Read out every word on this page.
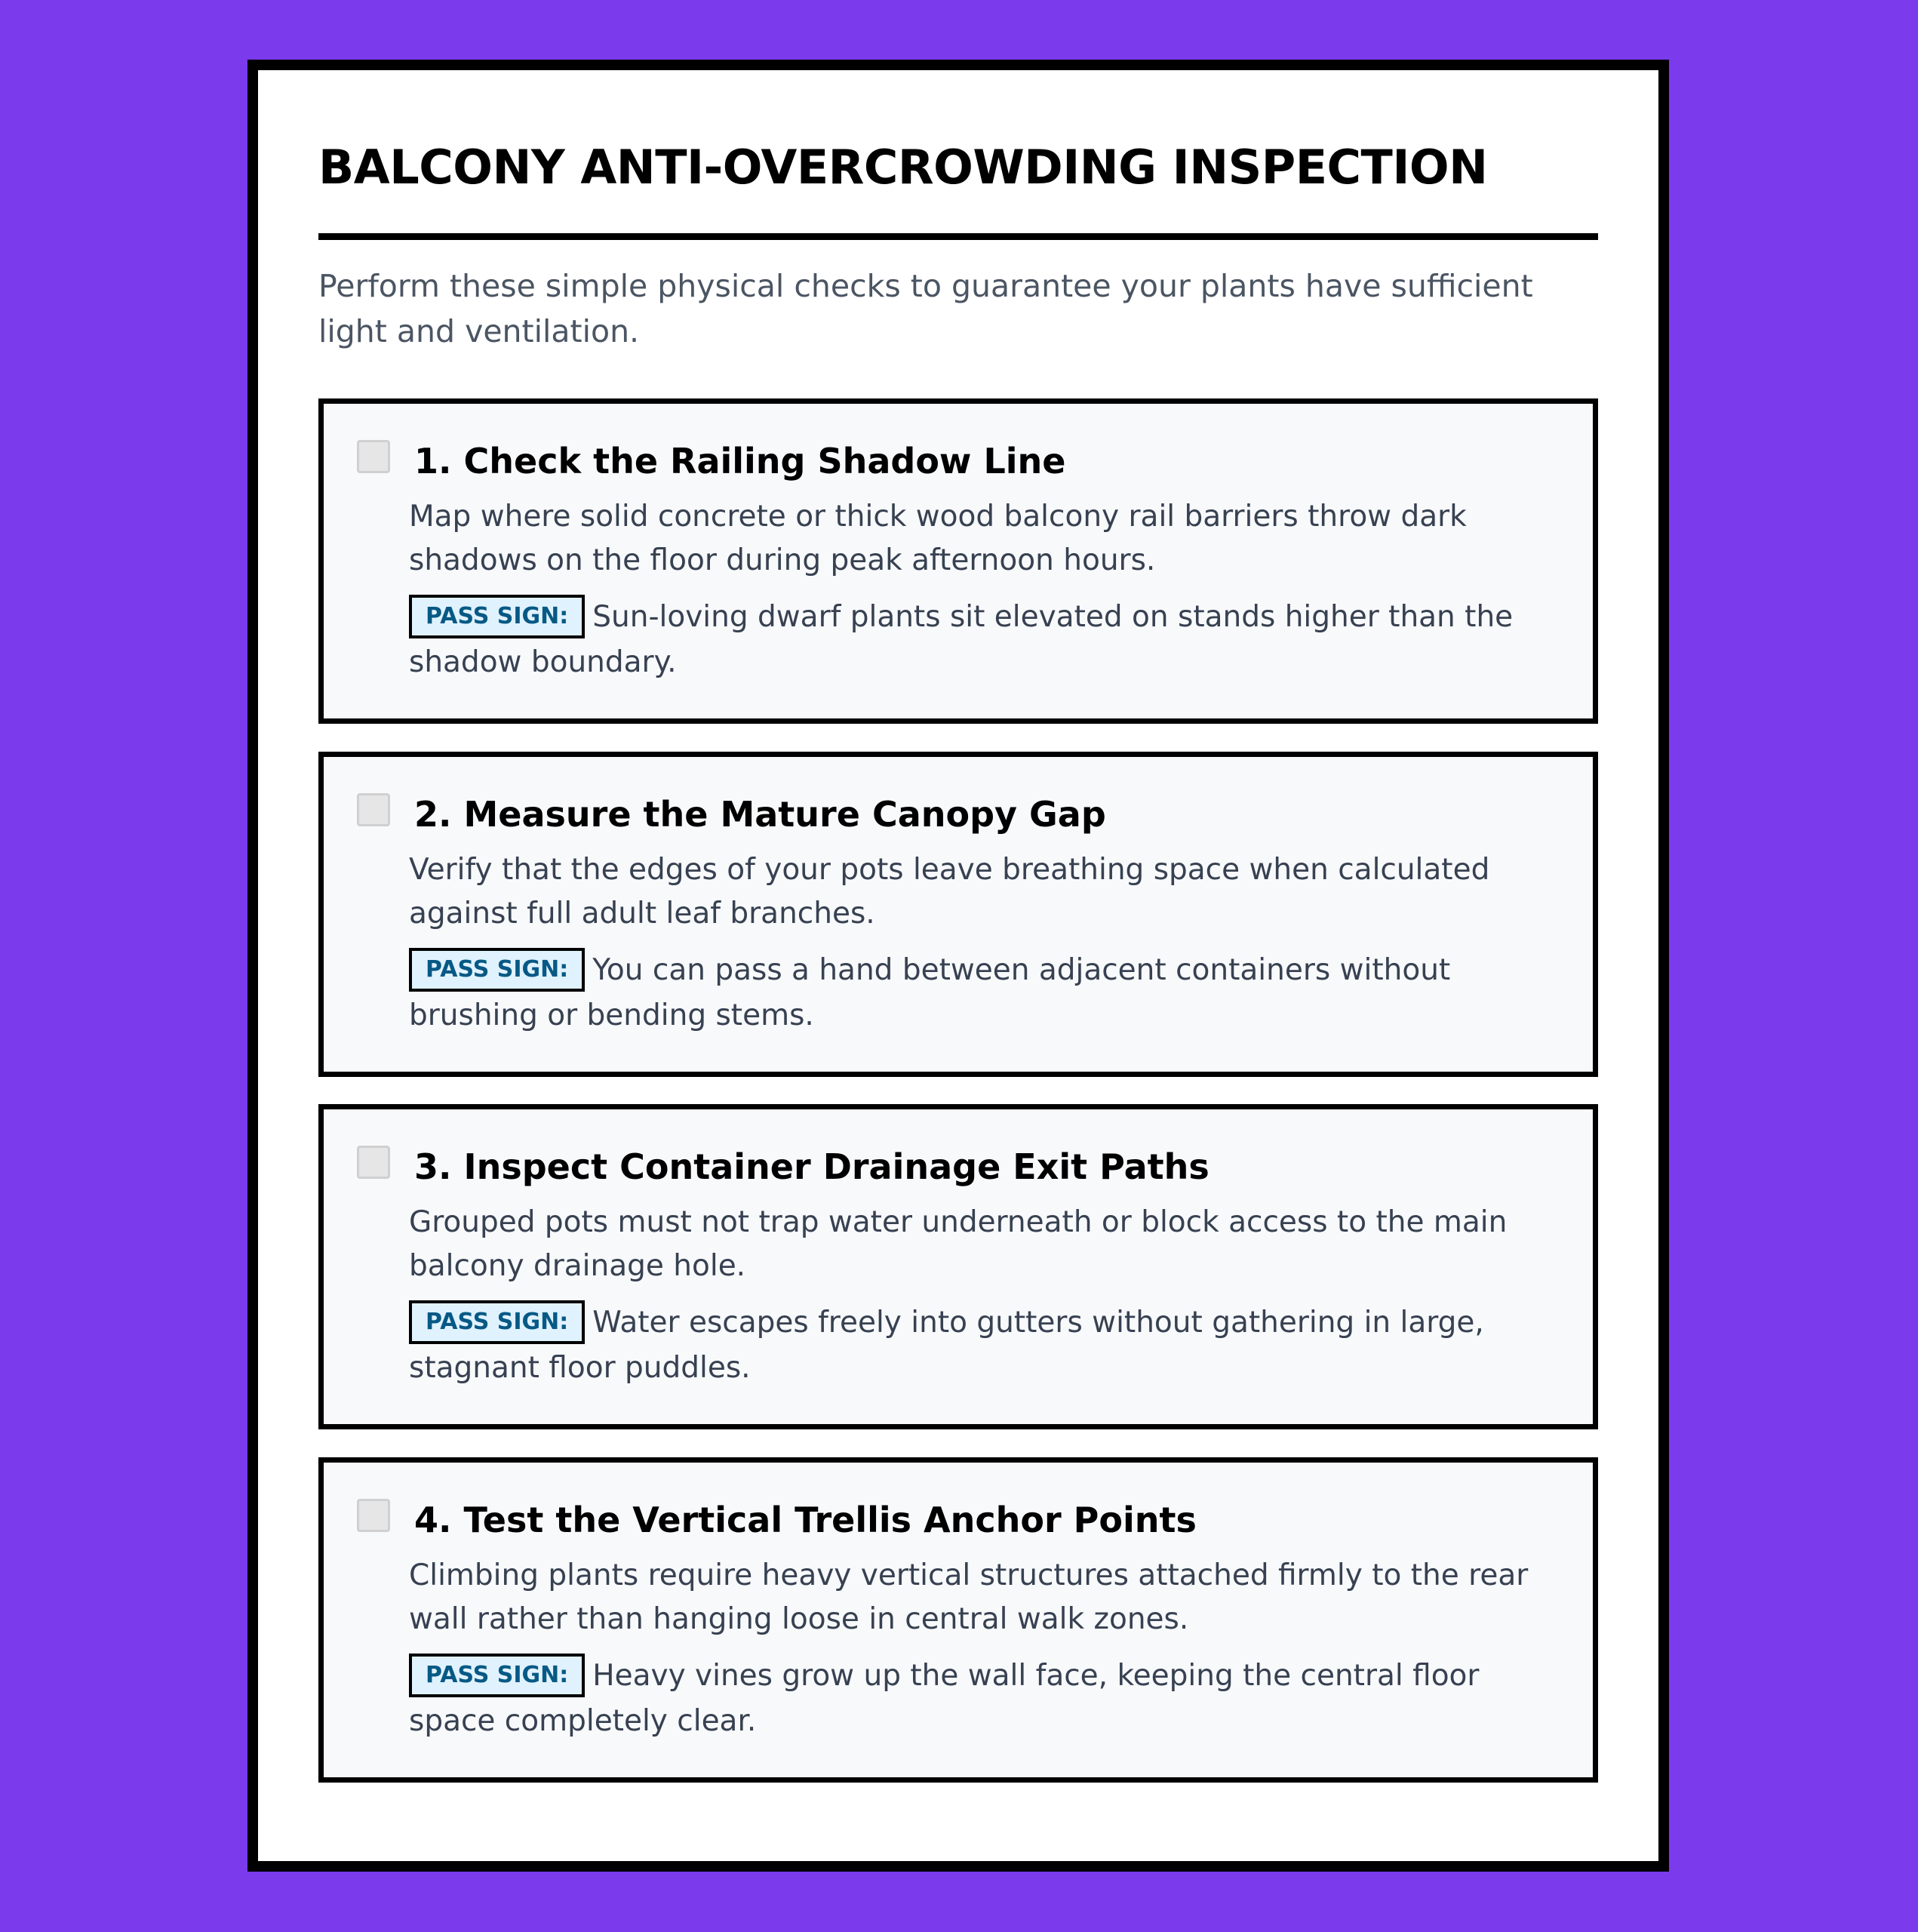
BALCONY ANTI-OVERCROWDING INSPECTION

Perform these simple physical checks to guarantee your plants have sufficient light and ventilation.

1. Check the Railing Shadow Line

Map where solid concrete or thick wood balcony rail barriers throw dark shadows on the floor during peak afternoon hours.

PASS SIGN: Sun-loving dwarf plants sit elevated on stands higher than the shadow boundary.

2. Measure the Mature Canopy Gap

Verify that the edges of your pots leave breathing space when calculated against full adult leaf branches.

PASS SIGN: You can pass a hand between adjacent containers without brushing or bending stems.

3. Inspect Container Drainage Exit Paths

Grouped pots must not trap water underneath or block access to the main balcony drainage hole.

PASS SIGN: Water escapes freely into gutters without gathering in large, stagnant floor puddles.

4. Test the Vertical Trellis Anchor Points

Climbing plants require heavy vertical structures attached firmly to the rear wall rather than hanging loose in central walk zones.

PASS SIGN: Heavy vines grow up the wall face, keeping the central floor space completely clear.
